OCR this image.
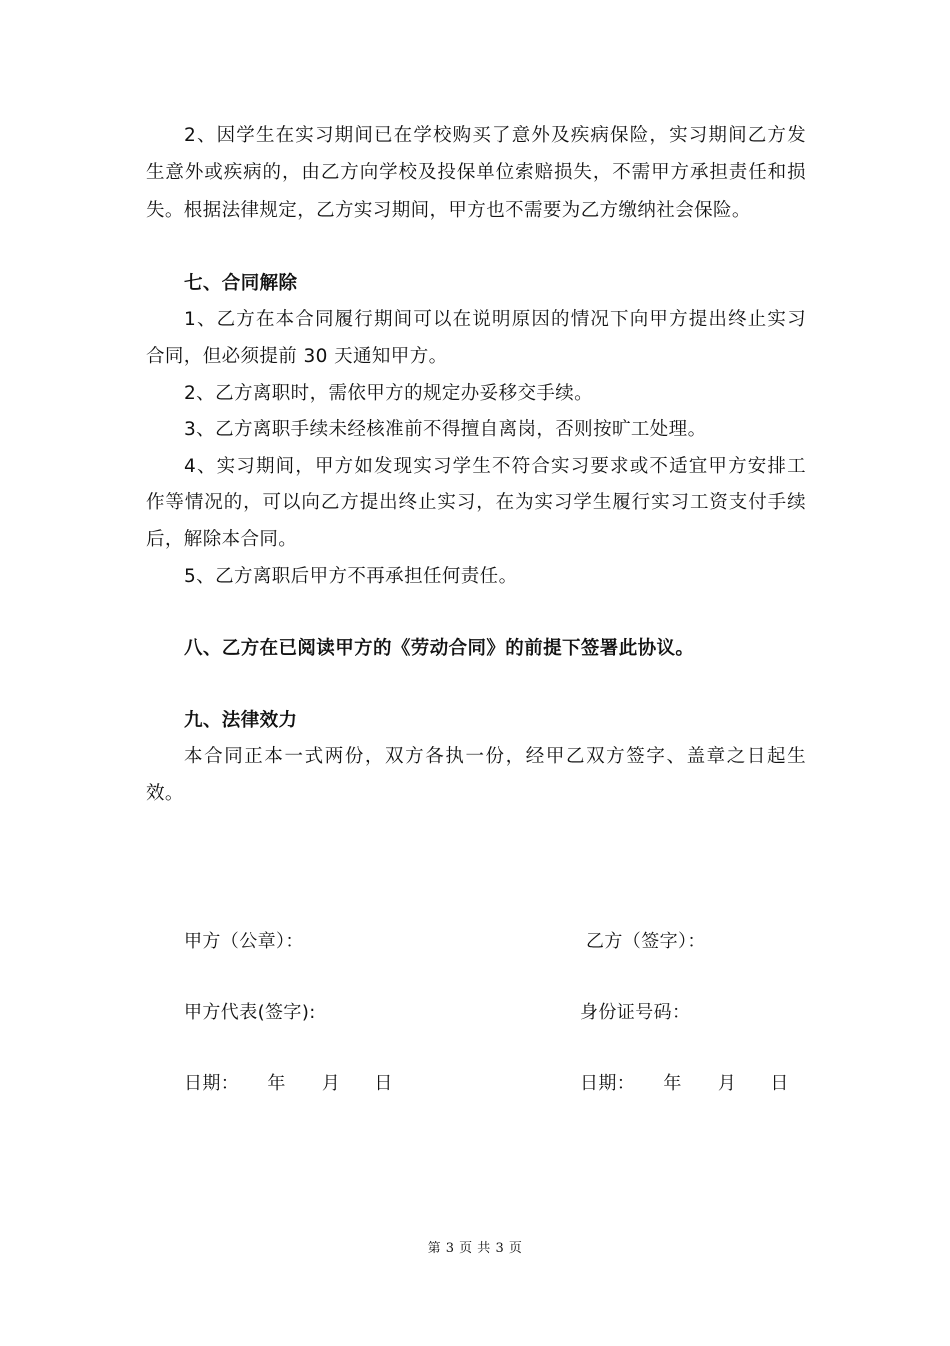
2、因学生在实习期间已在学校购买了意外及疾病保险，实习期间乙方发
生意外或疾病的，由乙方向学校及投保单位索赔损失，不需甲方承担责任和损
失。根据法律规定，乙方实习期间，甲方也不需要为乙方缴纳社会保险。
七、合同解除
1、乙方在本合同履行期间可以在说明原因的情况下向甲方提出终止实习
合同，但必须提前 30 天通知甲方。
2、乙方离职时，需依甲方的规定办妥移交手续。
3、乙方离职手续未经核准前不得擅自离岗，否则按旷工处理。
4、实习期间，甲方如发现实习学生不符合实习要求或不适宜甲方安排工
作等情况的，可以向乙方提出终止实习，在为实习学生履行实习工资支付手续
后，解除本合同。
5、乙方离职后甲方不再承担任何责任。
八、乙方在已阅读甲方的《劳动合同》的前提下签署此协议。
九、法律效力
本合同正本一式两份，双方各执一份，经甲乙双方签字、盖章之日起生
效。
甲方（公章）：	乙方（签字）：
甲方代表(签字):	身份证号码：
日期： 年 月 日	日期： 年 月 日
第 3 页 共 3 页
